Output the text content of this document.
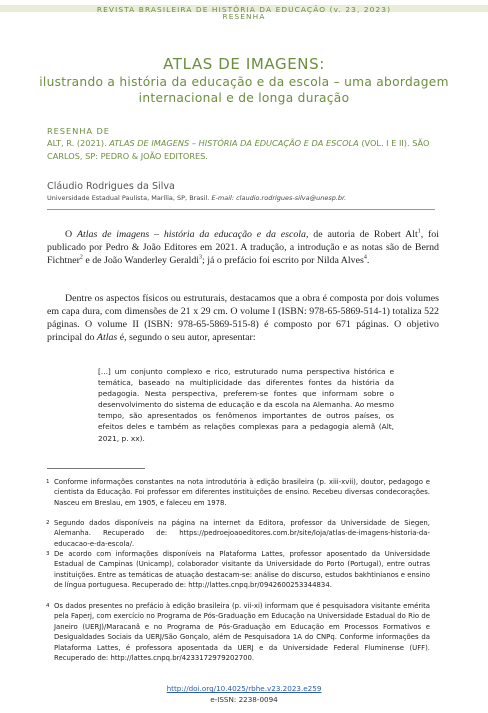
REVISTA BRASILEIRA DE HISTÓRIA DA EDUCAÇÃO (v. 23, 2023)
RESENHA
ATLAS DE IMAGENS:
ilustrando a história da educação e da escola – uma abordagem internacional e de longa duração
RESENHA DE
ALT, R. (2021). ATLAS DE IMAGENS – HISTÓRIA DA EDUCAÇÃO E DA ESCOLA (VOL. I E II). SÃO CARLOS, SP: PEDRO & JOÃO EDITORES.
Cláudio Rodrigues da Silva
Universidade Estadual Paulista, Marília, SP, Brasil. E-mail: claudio.rodrigues-silva@unesp.br.
O Atlas de imagens – história da educação e da escola, de autoria de Robert Alt$^1$, foi publicado por Pedro & João Editores em 2021. A tradução, a introdução e as notas são de Bernd Fichtner$^2$ e de João Wanderley Geraldi$^3$; já o prefácio foi escrito por Nilda Alves$^4$.
Dentre os aspectos físicos ou estruturais, destacamos que a obra é composta por dois volumes em capa dura, com dimensões de 21 x 29 cm. O volume I (ISBN: 978-65-5869-514-1) totaliza 522 páginas. O volume II (ISBN: 978-65-5869-515-8) é composto por 671 páginas. O objetivo principal do Atlas é, segundo o seu autor, apresentar:
[...] um conjunto complexo e rico, estruturado numa perspectiva histórica e temática, baseado na multiplicidade das diferentes fontes da história da pedagogia. Nesta perspectiva, preferem-se fontes que informam sobre o desenvolvimento do sistema de educação e da escola na Alemanha. Ao mesmo tempo, são apresentados os fenômenos importantes de outros países, os efeitos deles e também as relações complexas para a pedagogia alemã (Alt, 2021, p. xx).
1 Conforme informações constantes na nota introdutória à edição brasileira (p. xiii-xvii), doutor, pedagogo e cientista da Educação. Foi professor em diferentes instituições de ensino. Recebeu diversas condecorações. Nasceu em Breslau, em 1905, e faleceu em 1978.
2 Segundo dados disponíveis na página na internet da Editora, professor da Universidade de Siegen, Alemanha. Recuperado de: https://pedroejoaoeditores.com.br/site/loja/atlas-de-imagens-historia-da-educacao-e-da-escola/.
3 De acordo com informações disponíveis na Plataforma Lattes, professor aposentado da Universidade Estadual de Campinas (Unicamp), colaborador visitante da Universidade do Porto (Portugal), entre outras instituições. Entre as temáticas de atuação destacam-se: análise do discurso, estudos bakhtinianos e ensino de língua portuguesa. Recuperado de: http://lattes.cnpq.br/0942600253344834.
4 Os dados presentes no prefácio à edição brasileira (p. vii-xi) informam que é pesquisadora visitante emérita pela Faperj, com exercício no Programa de Pós-Graduação em Educação na Universidade Estadual do Rio de Janeiro (UERJ)/Maracanã e no Programa de Pós-Graduação em Educação em Processos Formativos e Desigualdades Sociais da UERJ/São Gonçalo, além de Pesquisadora 1A do CNPq. Conforme informações da Plataforma Lattes, é professora aposentada da UERJ e da Universidade Federal Fluminense (UFF). Recuperado de: http://lattes.cnpq.br/4233172979202700.
http://doi.org/10.4025/rbhe.v23.2023.e259
e-ISSN: 2238-0094
